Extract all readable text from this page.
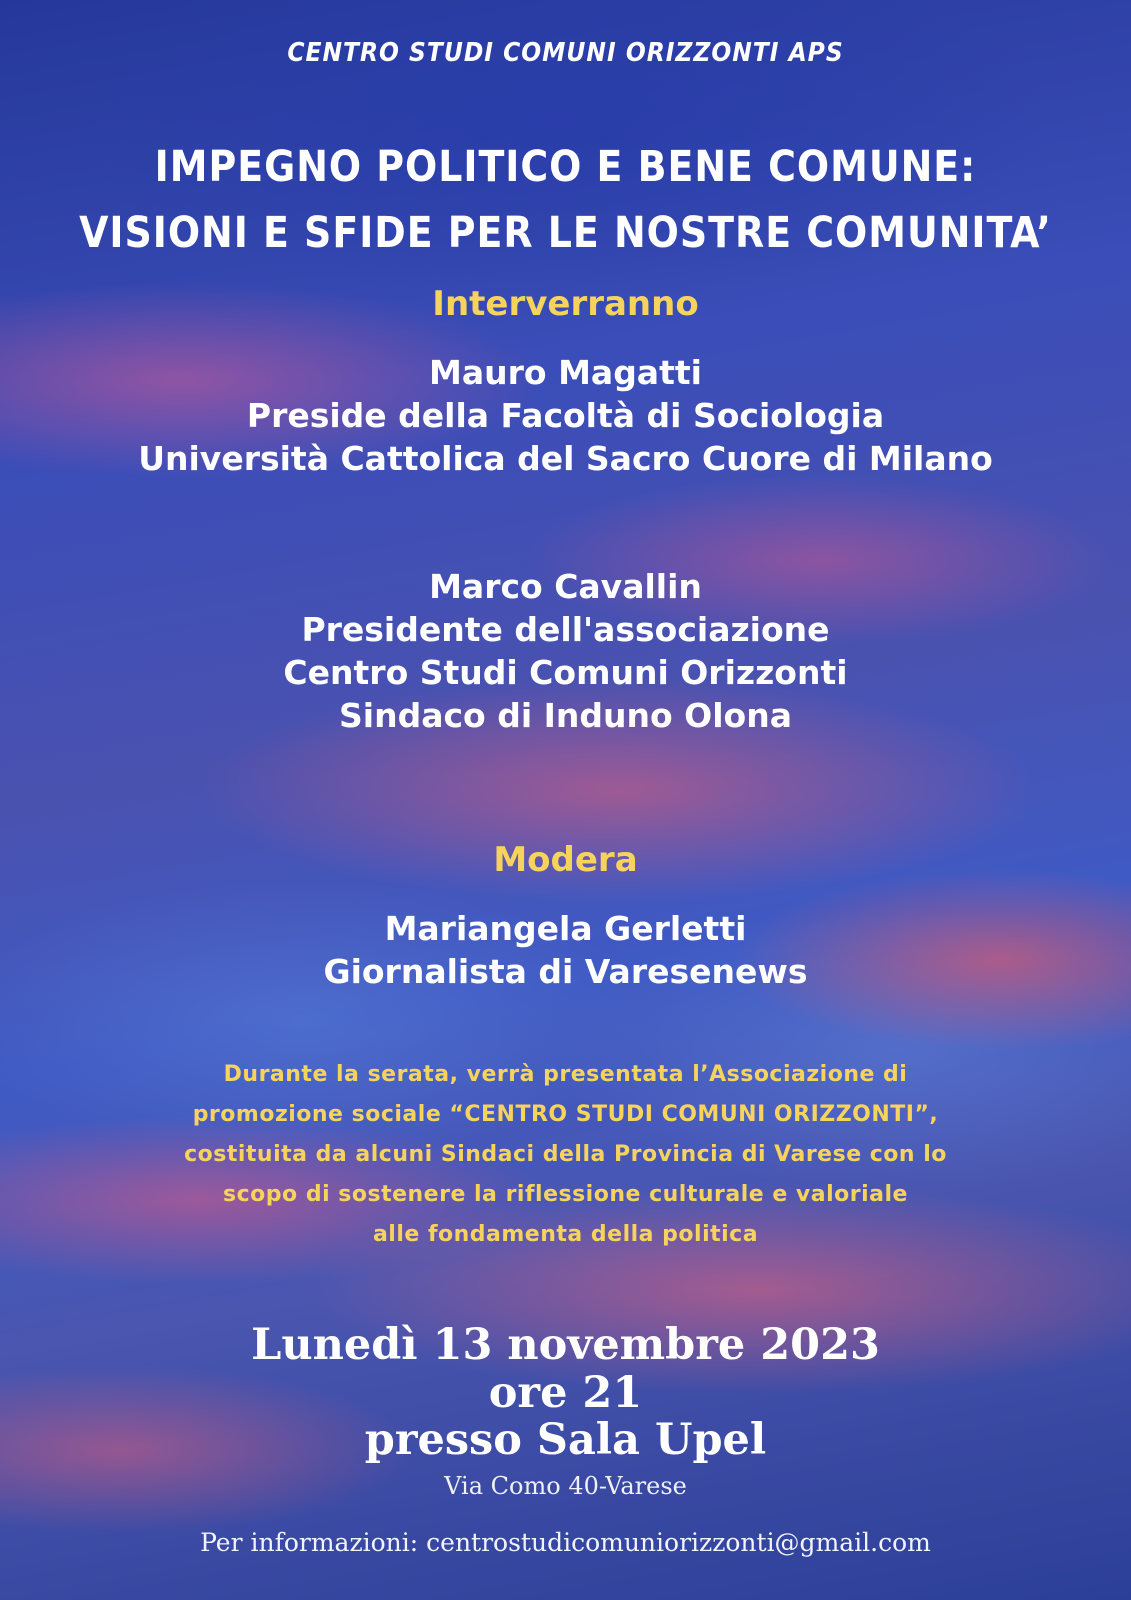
CENTRO STUDI COMUNI ORIZZONTI APS

IMPEGNO POLITICO E BENE COMUNE:

VISIONI E SFIDE PER LE NOSTRE COMUNITA’

Interverranno

Mauro Magatti

Preside della Facoltà di Sociologia

Università Cattolica del Sacro Cuore di Milano

Marco Cavallin

Presidente dell'associazione

Centro Studi Comuni Orizzonti

Sindaco di Induno Olona

Modera

Mariangela Gerletti

Giornalista di Varesenews

Durante la serata, verrà presentata l’Associazione di

promozione sociale “CENTRO STUDI COMUNI ORIZZONTI”,

costituita da alcuni Sindaci della Provincia di Varese con lo

scopo di sostenere la riflessione culturale e valoriale

alle fondamenta della politica

Lunedì 13 novembre 2023

ore 21

presso Sala Upel

Via Como 40-Varese

Per informazioni: centrostudicomuniorizzonti@gmail.com
